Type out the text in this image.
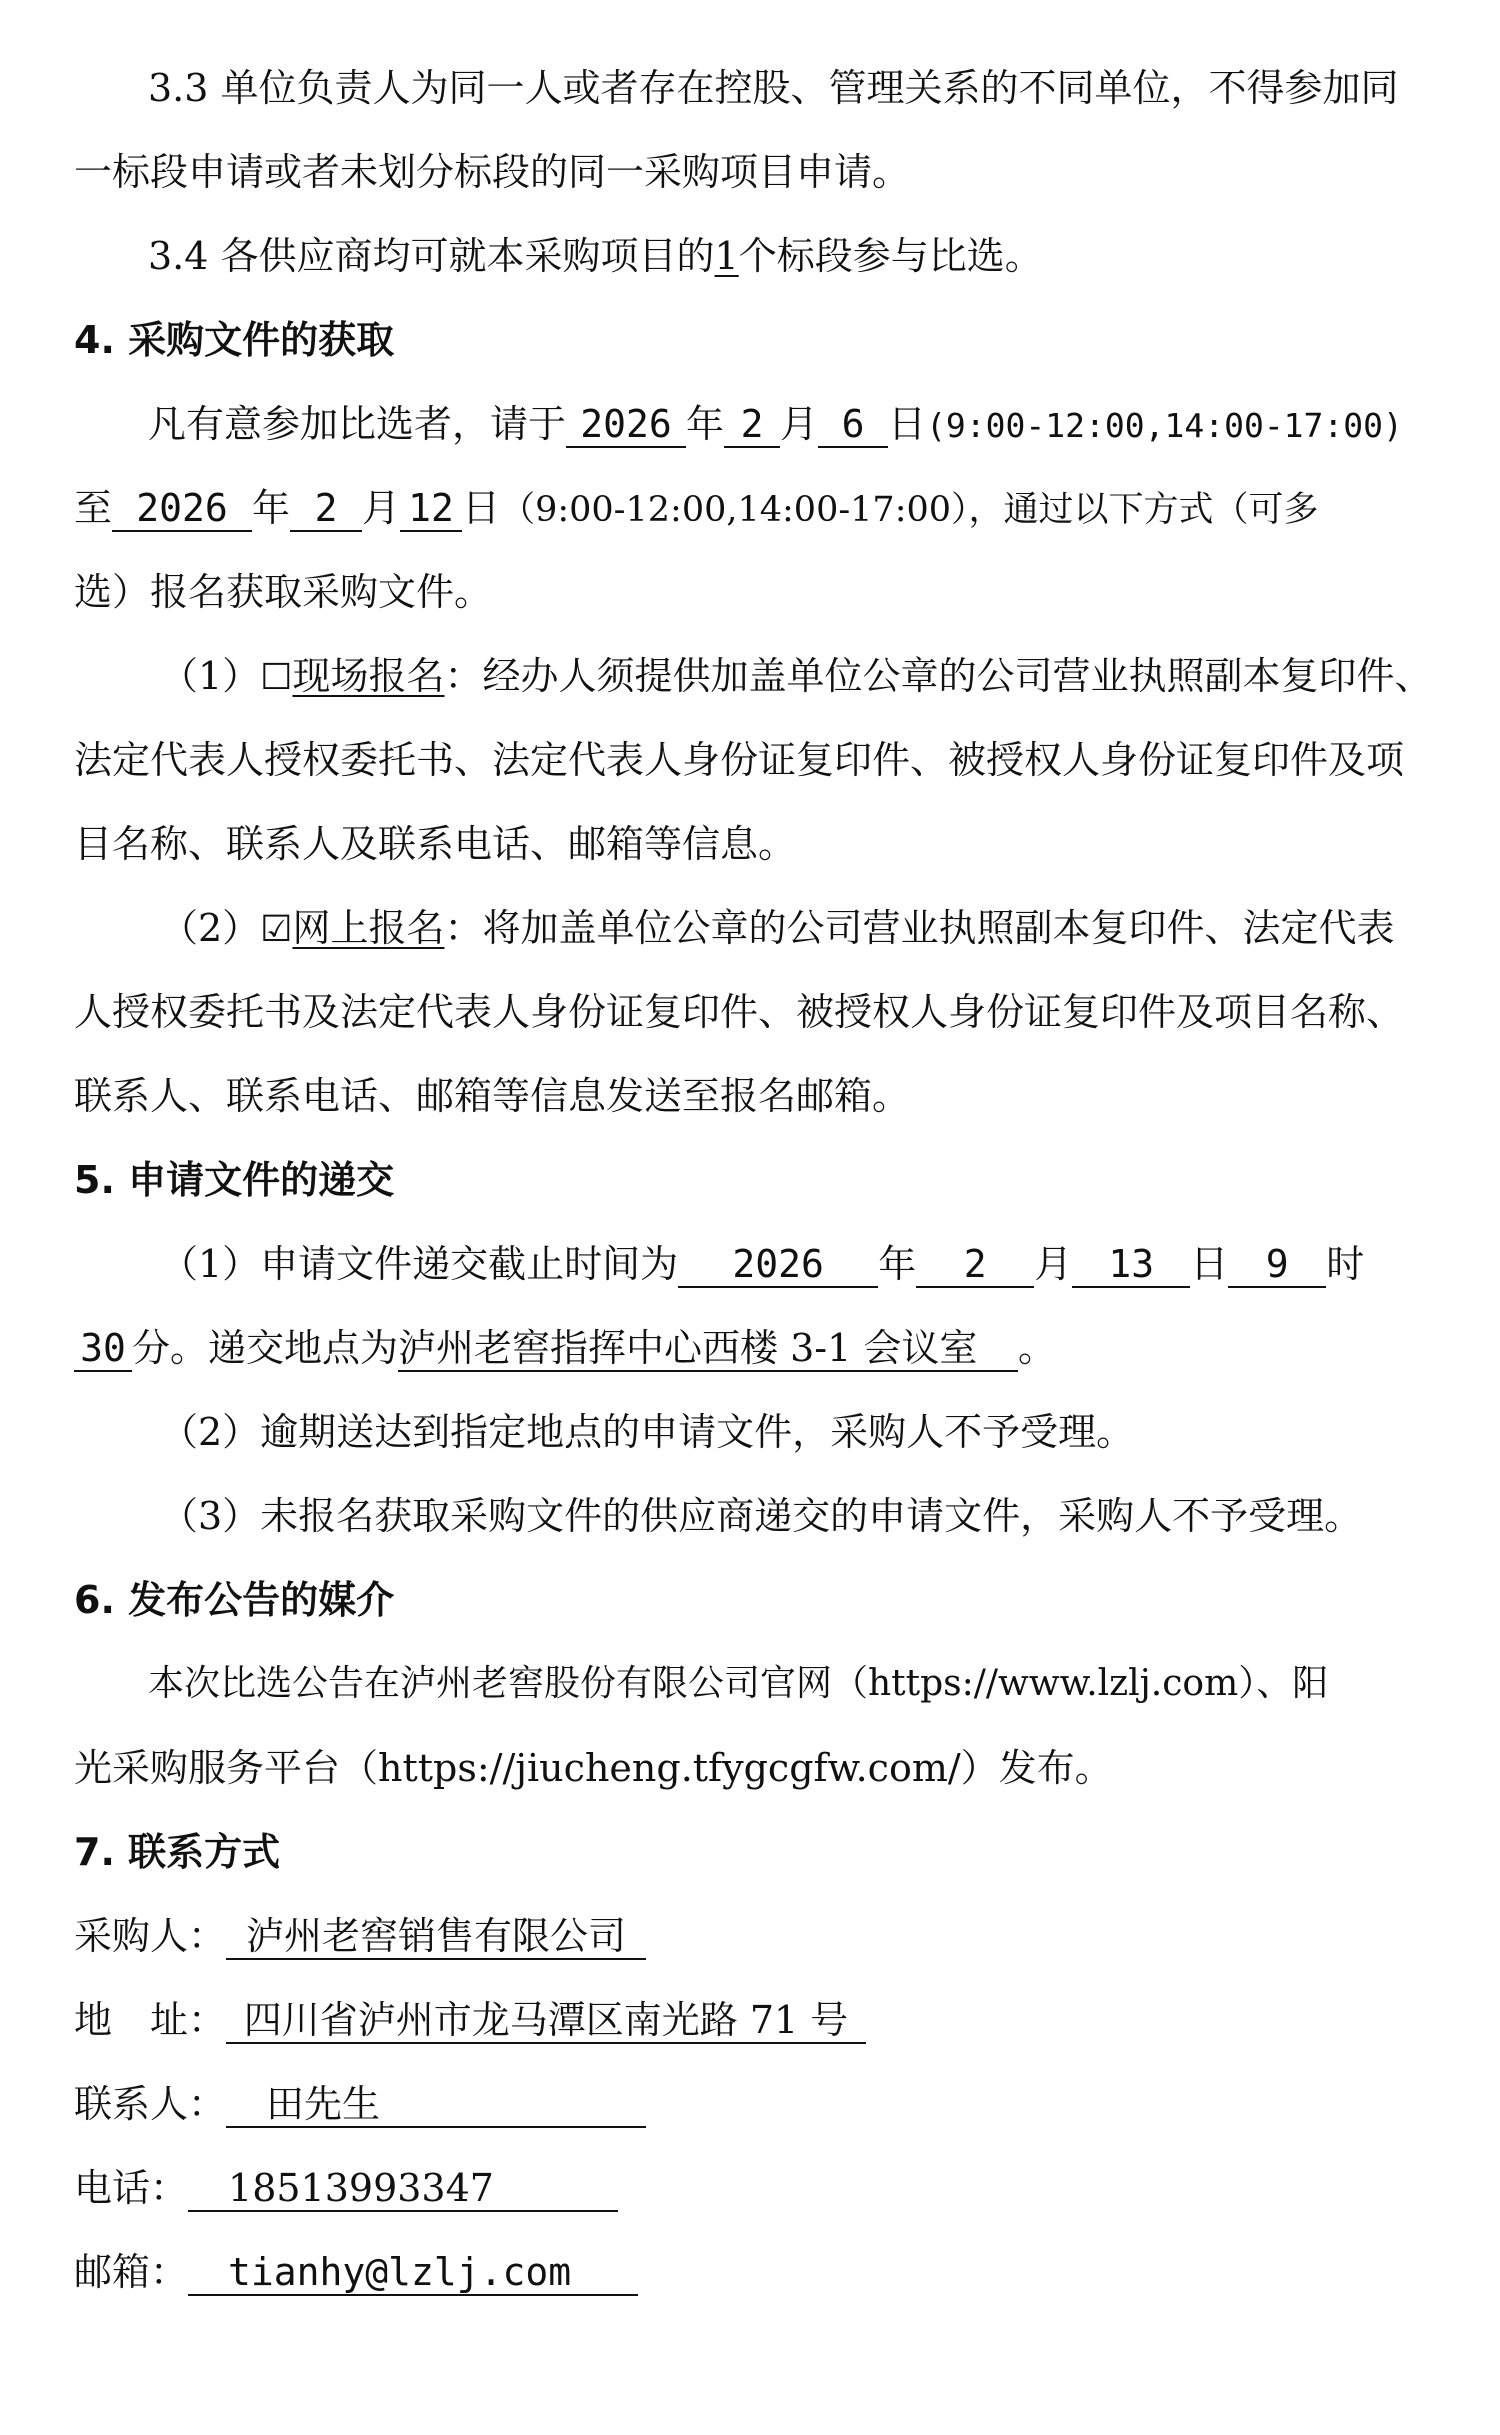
3.3 单位负责人为同一人或者存在控股、管理关系的不同单位，不得参加同
一标段申请或者未划分标段的同一采购项目申请。
3.4 各供应商均可就本采购项目的1个标段参与比选。
4. 采购文件的获取
凡有意参加比选者，请于 2026 年 2 月 6 日(9:00-12:00,14:00-17:00)
至 2026 年 2 月 12 日（9:00-12:00,14:00-17:00），通过以下方式（可多
选）报名获取采购文件。
（1）☐现场报名：经办人须提供加盖单位公章的公司营业执照副本复印件、
法定代表人授权委托书、法定代表人身份证复印件、被授权人身份证复印件及项
目名称、联系人及联系电话、邮箱等信息。
（2）☑网上报名：将加盖单位公章的公司营业执照副本复印件、法定代表
人授权委托书及法定代表人身份证复印件、被授权人身份证复印件及项目名称、
联系人、联系电话、邮箱等信息发送至报名邮箱。
5. 申请文件的递交
（1）申请文件递交截止时间为 2026 年 2 月 13 日 9 时
30 分。递交地点为泸州老窖指挥中心西楼 3-1 会议室 。
（2）逾期送达到指定地点的申请文件，采购人不予受理。
（3）未报名获取采购文件的供应商递交的申请文件，采购人不予受理。
6. 发布公告的媒介
本次比选公告在泸州老窖股份有限公司官网（https://www.lzlj.com）、阳
光采购服务平台（https://jiucheng.tfygcgfw.com/）发布。
7. 联系方式
采购人： 泸州老窖销售有限公司
地　址： 四川省泸州市龙马潭区南光路 71 号
联系人： 田先生
电话： 18513993347
邮箱： tianhy@lzlj.com
